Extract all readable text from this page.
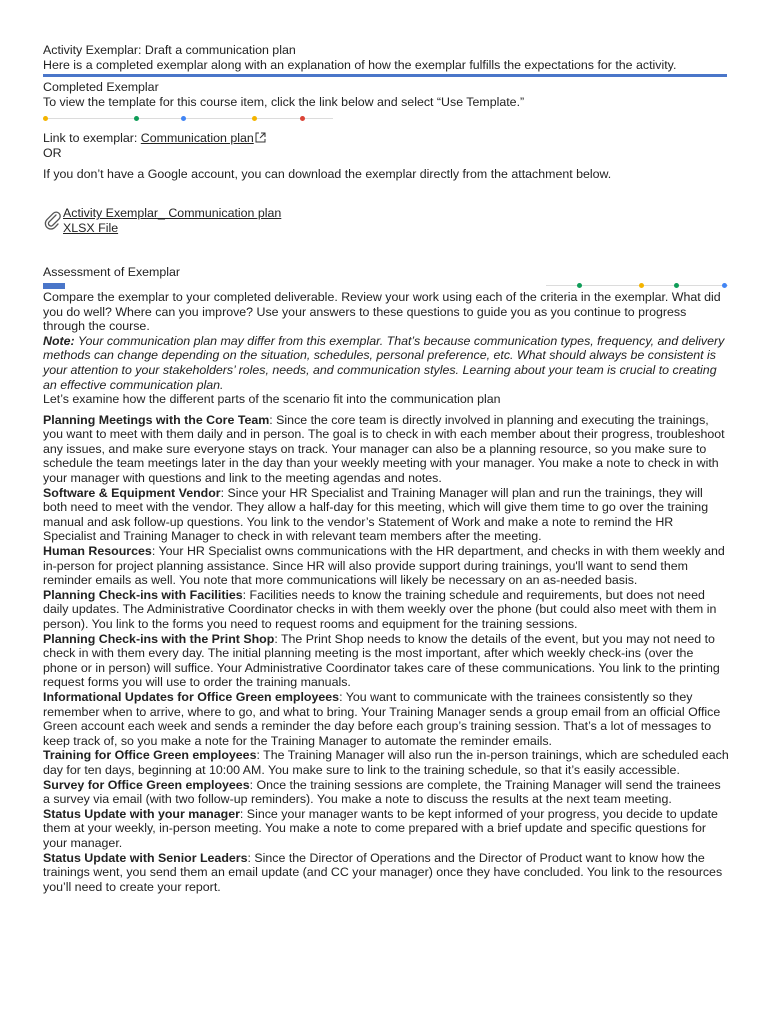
Activity Exemplar: Draft a communication plan

Here is a completed exemplar along with an explanation of how the exemplar fulfills the expectations for the activity.

Completed Exemplar

To view the template for this course item, click the link below and select “Use Template.”

Link to exemplar: Communication plan

OR

If you don’t have a Google account, you can download the exemplar directly from the attachment below.

Activity Exemplar_ Communication plan
XLSX File

Assessment of Exemplar

Compare the exemplar to your completed deliverable. Review your work using each of the criteria in the exemplar. What did you do well? Where can you improve? Use your answers to these questions to guide you as you continue to progress through the course.

Note: Your communication plan may differ from this exemplar. That’s because communication types, frequency, and delivery methods can change depending on the situation, schedules, personal preference, etc. What should always be consistent is your attention to your stakeholders’ roles, needs, and communication styles. Learning about your team is crucial to creating an effective communication plan.

Let’s examine how the different parts of the scenario fit into the communication plan

Planning Meetings with the Core Team: Since the core team is directly involved in planning and executing the trainings, you want to meet with them daily and in person. The goal is to check in with each member about their progress, troubleshoot any issues, and make sure everyone stays on track. Your manager can also be a planning resource, so you make sure to schedule the team meetings later in the day than your weekly meeting with your manager. You make a note to check in with your manager with questions and link to the meeting agendas and notes.

Software & Equipment Vendor: Since your HR Specialist and Training Manager will plan and run the trainings, they will both need to meet with the vendor. They allow a half-day for this meeting, which will give them time to go over the training manual and ask follow-up questions. You link to the vendor’s Statement of Work and make a note to remind the HR Specialist and Training Manager to check in with relevant team members after the meeting.

Human Resources: Your HR Specialist owns communications with the HR department, and checks in with them weekly and in-person for project planning assistance. Since HR will also provide support during trainings, you'll want to send them reminder emails as well. You note that more communications will likely be necessary on an as-needed basis.

Planning Check-ins with Facilities: Facilities needs to know the training schedule and requirements, but does not need daily updates. The Administrative Coordinator checks in with them weekly over the phone (but could also meet with them in person). You link to the forms you need to request rooms and equipment for the training sessions.

Planning Check-ins with the Print Shop: The Print Shop needs to know the details of the event, but you may not need to check in with them every day. The initial planning meeting is the most important, after which weekly check-ins (over the phone or in person) will suffice. Your Administrative Coordinator takes care of these communications. You link to the printing request forms you will use to order the training manuals.

Informational Updates for Office Green employees: You want to communicate with the trainees consistently so they remember when to arrive, where to go, and what to bring. Your Training Manager sends a group email from an official Office Green account each week and sends a reminder the day before each group’s training session. That’s a lot of messages to keep track of, so you make a note for the Training Manager to automate the reminder emails.

Training for Office Green employees: The Training Manager will also run the in-person trainings, which are scheduled each day for ten days, beginning at 10:00 AM. You make sure to link to the training schedule, so that it’s easily accessible.

Survey for Office Green employees: Once the training sessions are complete, the Training Manager will send the trainees a survey via email (with two follow-up reminders). You make a note to discuss the results at the next team meeting.

Status Update with your manager: Since your manager wants to be kept informed of your progress, you decide to update them at your weekly, in-person meeting. You make a note to come prepared with a brief update and specific questions for your manager.

Status Update with Senior Leaders: Since the Director of Operations and the Director of Product want to know how the trainings went, you send them an email update (and CC your manager) once they have concluded. You link to the resources you’ll need to create your report.
